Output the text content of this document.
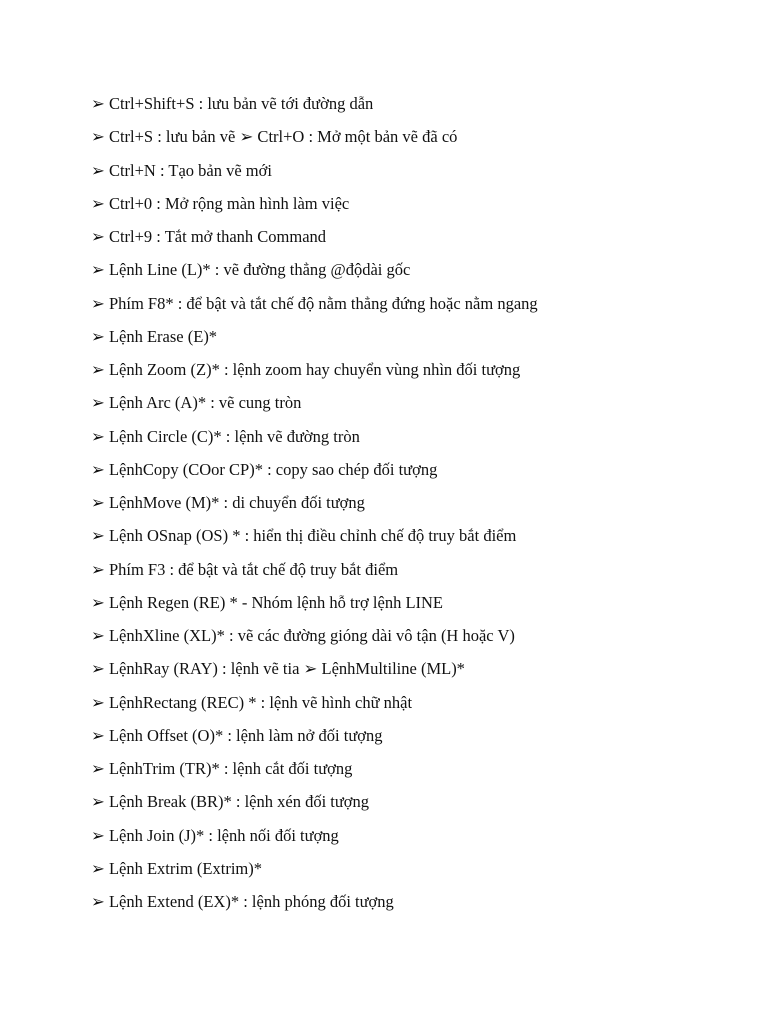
➢ Ctrl+Shift+S : lưu bản vẽ tới đường dẫn
➢ Ctrl+S : lưu bản vẽ ➢ Ctrl+O : Mở một bản vẽ đã có
➢ Ctrl+N : Tạo bản vẽ mới
➢ Ctrl+0 : Mở rộng màn hình làm việc
➢ Ctrl+9 : Tắt mở thanh Command
➢ Lệnh Line (L)* : vẽ đường thẳng @độdài gốc
➢ Phím F8* : để bật và tắt chế độ nằm thẳng đứng hoặc nằm ngang
➢ Lệnh Erase (E)*
➢ Lệnh Zoom (Z)* : lệnh zoom hay chuyển vùng nhìn đối tượng
➢ Lệnh Arc (A)* : vẽ cung tròn
➢ Lệnh Circle (C)* : lệnh vẽ đường tròn
➢ LệnhCopy (COor CP)* : copy sao chép đối tượng
➢ LệnhMove (M)* : di chuyển đối tượng
➢ Lệnh OSnap (OS) * : hiển thị điều chỉnh chế độ truy bắt điểm
➢ Phím F3 : để bật và tắt chế độ truy bắt điểm
➢ Lệnh Regen (RE) * - Nhóm lệnh hỗ trợ lệnh LINE
➢ LệnhXline (XL)* : vẽ các đường gióng dài vô tận (H hoặc V)
➢ LệnhRay (RAY) : lệnh vẽ tia ➢ LệnhMultiline (ML)*
➢ LệnhRectang (REC) * : lệnh vẽ hình chữ nhật
➢ Lệnh Offset (O)* : lệnh làm nở đối tượng
➢ LệnhTrim (TR)* : lệnh cắt đối tượng
➢ Lệnh Break (BR)* : lệnh xén đối tượng
➢ Lệnh Join (J)* : lệnh nối đối tượng
➢ Lệnh Extrim (Extrim)*
➢ Lệnh Extend (EX)* : lệnh phóng đối tượng
